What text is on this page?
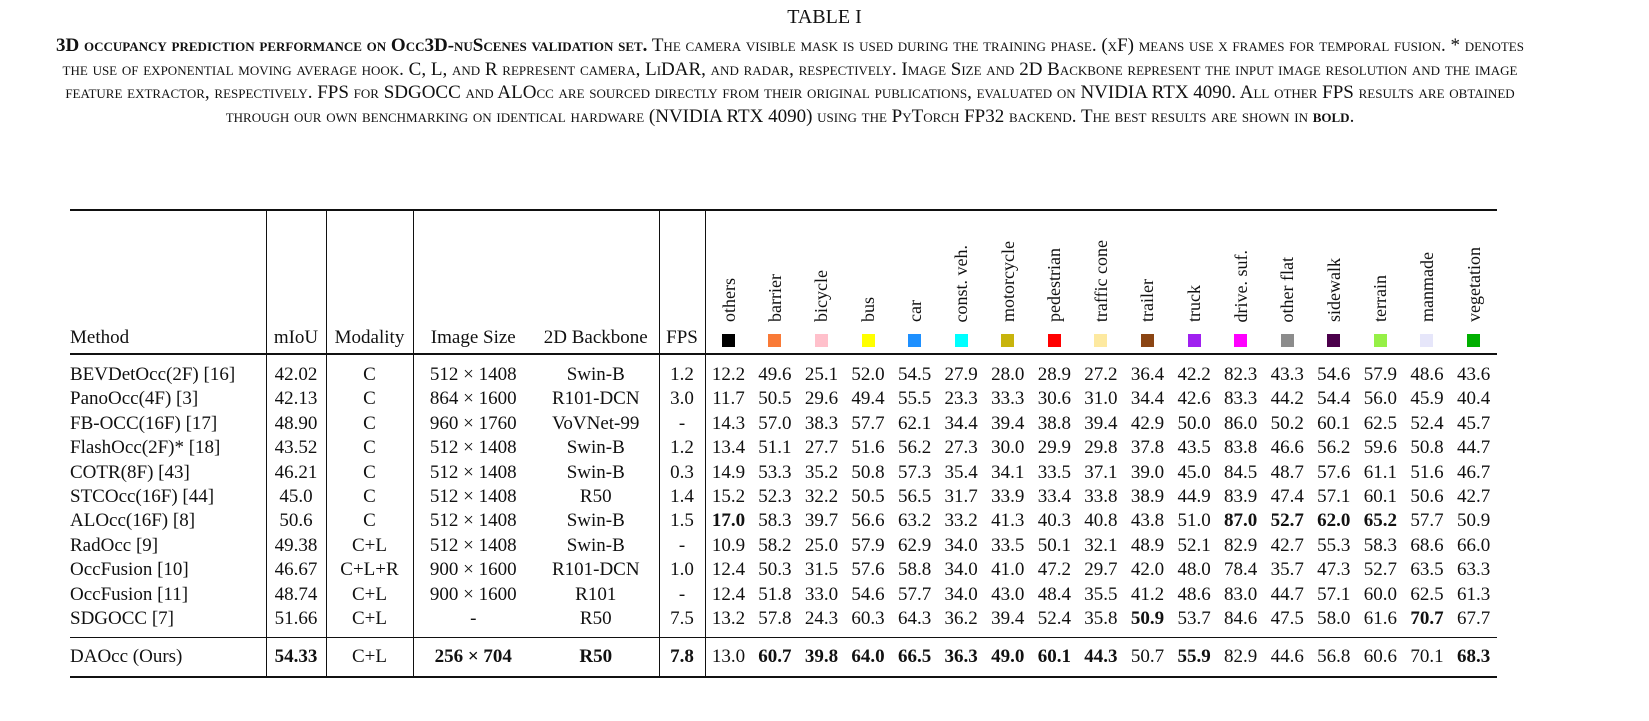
TABLE I
3D occupancy prediction performance on Occ3D-nuScenes validation set. The camera visible mask is used during the training phase. (xF) means use x frames for temporal fusion. * denotes the use of exponential moving average hook. C, L, and R represent camera, LiDAR, and radar, respectively. Image Size and 2D Backbone represent the input image resolution and the image feature extractor, respectively. FPS for SDGOCC and ALOcc are sourced directly from their original publications, evaluated on NVIDIA RTX 4090. All other FPS results are obtained through our own benchmarking on identical hardware (NVIDIA RTX 4090) using the PyTorch FP32 backend. The best results are shown in bold.
Method	mIoU	Modality	Image Size	2D Backbone	FPS	others	barrier	bicycle	bus	car	const. veh.	motorcycle	pedestrian	traffic cone	trailer	truck	drive. suf.	other flat	sidewalk	terrain	manmade	vegetation

BEVDetOcc(2F) [16]	42.02	C	512 × 1408	Swin-B	1.2	12.2	49.6	25.1	52.0	54.5	27.9	28.0	28.9	27.2	36.4	42.2	82.3	43.3	54.6	57.9	48.6	43.6
PanoOcc(4F) [3]	42.13	C	864 × 1600	R101-DCN	3.0	11.7	50.5	29.6	49.4	55.5	23.3	33.3	30.6	31.0	34.4	42.6	83.3	44.2	54.4	56.0	45.9	40.4
FB-OCC(16F) [17]	48.90	C	960 × 1760	VoVNet-99	-	14.3	57.0	38.3	57.7	62.1	34.4	39.4	38.8	39.4	42.9	50.0	86.0	50.2	60.1	62.5	52.4	45.7
FlashOcc(2F)* [18]	43.52	C	512 × 1408	Swin-B	1.2	13.4	51.1	27.7	51.6	56.2	27.3	30.0	29.9	29.8	37.8	43.5	83.8	46.6	56.2	59.6	50.8	44.7
COTR(8F) [43]	46.21	C	512 × 1408	Swin-B	0.3	14.9	53.3	35.2	50.8	57.3	35.4	34.1	33.5	37.1	39.0	45.0	84.5	48.7	57.6	61.1	51.6	46.7
STCOcc(16F) [44]	45.0	C	512 × 1408	R50	1.4	15.2	52.3	32.2	50.5	56.5	31.7	33.9	33.4	33.8	38.9	44.9	83.9	47.4	57.1	60.1	50.6	42.7
ALOcc(16F) [8]	50.6	C	512 × 1408	Swin-B	1.5	17.0	58.3	39.7	56.6	63.2	33.2	41.3	40.3	40.8	43.8	51.0	87.0	52.7	62.0	65.2	57.7	50.9
RadOcc [9]	49.38	C+L	512 × 1408	Swin-B	-	10.9	58.2	25.0	57.9	62.9	34.0	33.5	50.1	32.1	48.9	52.1	82.9	42.7	55.3	58.3	68.6	66.0
OccFusion [10]	46.67	C+L+R	900 × 1600	R101-DCN	1.0	12.4	50.3	31.5	57.6	58.8	34.0	41.0	47.2	29.7	42.0	48.0	78.4	35.7	47.3	52.7	63.5	63.3
OccFusion [11]	48.74	C+L	900 × 1600	R101	-	12.4	51.8	33.0	54.6	57.7	34.0	43.0	48.4	35.5	41.2	48.6	83.0	44.7	57.1	60.0	62.5	61.3
SDGOCC [7]	51.66	C+L	-	R50	7.5	13.2	57.8	24.3	60.3	64.3	36.2	39.4	52.4	35.8	50.9	53.7	84.6	47.5	58.0	61.6	70.7	67.7
DAOcc (Ours)	54.33	C+L	256 × 704	R50	7.8	13.0	60.7	39.8	64.0	66.5	36.3	49.0	60.1	44.3	50.7	55.9	82.9	44.6	56.8	60.6	70.1	68.3
